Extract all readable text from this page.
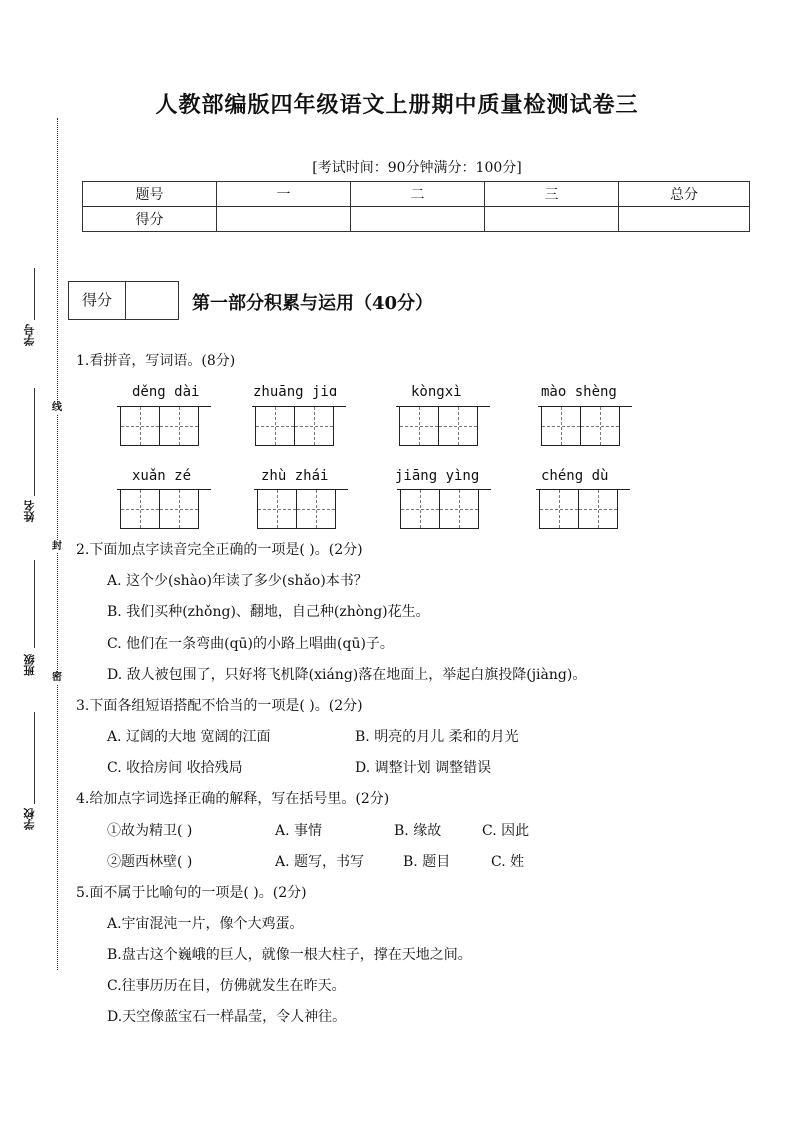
人教部编版四年级语文上册期中质量检测试卷三
[考试时间：90分钟满分：100分]
题号	一	二	三	总分
得分				
线
封
密
学号
姓名
班级
学校
得分	第一部分积累与运用（40分）
1.看拼音，写词语。(8分)
děng dài	zhuāng jiɑ	kòngxì	mào shèng
xuǎn zé	zhù zhái	jiāng yìng	chéng dù
2.下面加点字读音完全正确的一项是( )。(2分)
A. 这个少(shào)年读了多少(shǎo)本书？
B. 我们买种(zhǒng)、翻地，自己种(zhòng)花生。
C. 他们在一条弯曲(qū)的小路上唱曲(qū)子。
D. 敌人被包围了，只好将飞机降(xiáng)落在地面上，举起白旗投降(jiàng)。
3.下面各组短语搭配不恰当的一项是( )。(2分)
A. 辽阔的大地 宽阔的江面	B. 明亮的月儿 柔和的月光
C. 收拾房间 收拾残局	D. 调整计划 调整错误
4.给加点字词选择正确的解释，写在括号里。(2分)
①故为精卫( )	A. 事情	B. 缘故	C. 因此
②题西林壁( )	A. 题写，书写	B. 题目	C. 姓
5.面不属于比喻句的一项是( )。(2分)
A.宇宙混沌一片，像个大鸡蛋。
B.盘古这个巍峨的巨人，就像一根大柱子，撑在天地之间。
C.往事历历在目，仿佛就发生在昨天。
D.天空像蓝宝石一样晶莹，令人神往。
